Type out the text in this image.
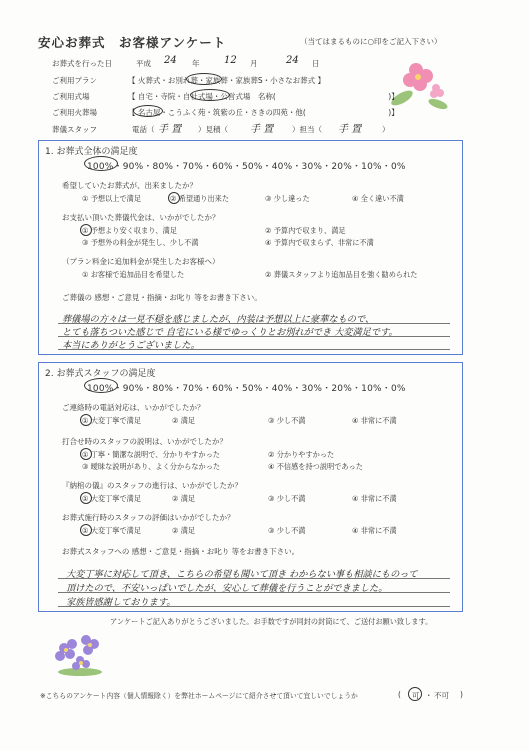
安心お葬式　お客様アンケート	（当てはまるものに○印をご記入下さい）
お葬式を行った日	平成 24 年 12 月	24 日
ご利用プラン	【 火葬式・お別れ葬・家族葬・家族葬S・小さなお葬式 】
ご利用式場	【 自宅・寺院・自社式場・公営式場　名称(　　　　　　　　　　　　　　　)】
ご利用火葬場	【 名古屋・こうふく苑・筑紫の丘・さきの四苑・他(　　　　　　　　　　　)】
葬儀スタッフ	電話（ 手 置 ）見積（ 手 置	）担当（ 手 置	）
1. お葬式全体の満足度
100%・90%・80%・70%・60%・50%・40%・30%・20%・10%・0%
希望していたお葬式が、出来ましたか？
① 予想以上で満足	② 希望通り出来た	③ 少し違った	④ 全く違い不満
お支払い頂いた葬儀代金は、いかがでしたか？
① 予想より安く収まり、満足	② 予算内で収まり、満足
③ 予想外の料金が発生し、少し不満	④ 予算内で収まらず、非常に不満
（プラン料金に追加料金が発生したお客様へ）
① お客様で追加品目を希望した	② 葬儀スタッフより追加品目を強く勧められた
ご葬儀の 感想・ご意見・指摘・お叱り 等をお書き下さい。
葬儀場の方々は一見不穏を感じましたが、内装は予想以上に豪華なもので、
とても落ちついた感じで 自宅にいる様でゆっくりとお別れができ 大変満足です。
本当にありがとうございました。
2. お葬式スタッフの満足度
100%・90%・80%・70%・60%・50%・40%・30%・20%・10%・0%
ご連絡時の電話対応は、いかがでしたか？
① 大変丁寧で満足	② 満足	③ 少し不満	④ 非常に不満
打合せ時のスタッフの説明は、いかがでしたか？
① 丁寧・簡潔な説明で、分かりやすかった	② 分かりやすかった
③ 曖昧な説明があり、よく分からなかった	④ 不信感を持つ説明であった
『納棺の儀』のスタッフの進行は、いかがでしたか？
① 大変丁寧で満足	② 満足	③ 少し不満	④ 非常に不満
お葬式施行時のスタッフの評価はいかがでしたか？
① 大変丁寧で満足	② 満足	③ 少し不満	④ 非常に不満
お葬式スタッフへの 感想・ご意見・指摘・お叱り 等をお書き下さい。
大変丁寧に対応して頂き、こちらの希望も聞いて頂き わからない事も相談にものって
頂けたので、不安いっぱいでしたが、安心して葬儀を行うことができました。
家族皆感謝しております。
アンケートご記入ありがとうございました。お手数ですが同封の封筒にて、ご送付お願い致します。
※こちらのアンケート内容（個人情報除く）を弊社ホームページにて紹介させて頂いて宜しいでしょうか	可 ・ 不可
(	)
